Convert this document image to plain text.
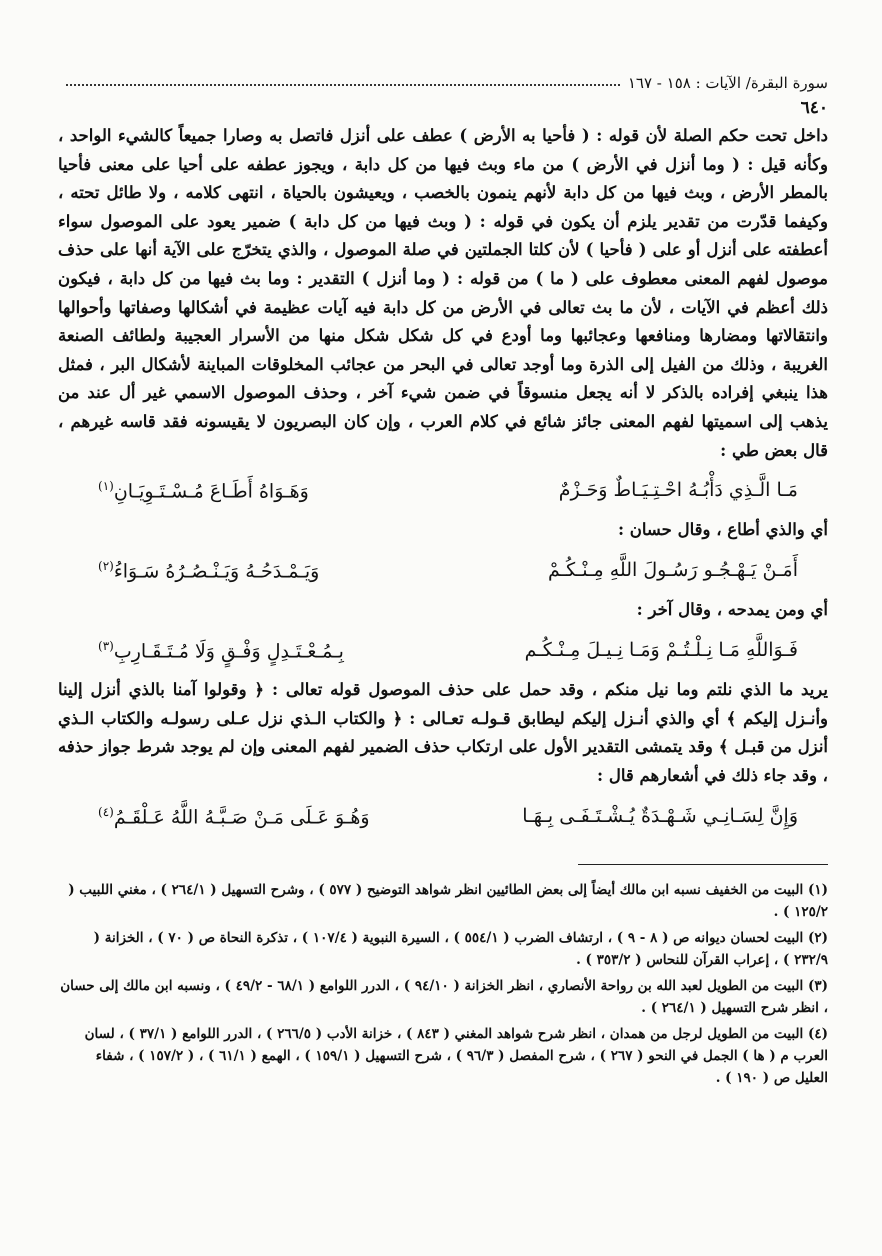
سورة البقرة/ الآيات : ١٥٨ - ١٦٧
٦٤٠

داخل تحت حكم الصلة لأن قوله : ( فأحيا به الأرض ) عطف على أنزل فاتصل به وصارا جميعاً كالشيء الواحد ، وكأنه قيل : ( وما أنزل في الأرض ) من ماء وبث فيها من كل دابة ، ويجوز عطفه على أحيا على معنى فأحيا بالمطر الأرض ، وبث فيها من كل دابة لأنهم ينمون بالخصب ، ويعيشون بالحياة ، انتهى كلامه ، ولا طائل تحته ، وكيفما قدّرت من تقدير يلزم أن يكون في قوله : ( وبث فيها من كل دابة ) ضمير يعود على الموصول سواء أعطفته على أنزل أو على ( فأحيا ) لأن كلتا الجملتين في صلة الموصول ، والذي يتخرّج على الآية أنها على حذف موصول لفهم المعنى معطوف على ( ما ) من قوله : ( وما أنزل ) التقدير : وما بث فيها من كل دابة ، فيكون ذلك أعظم في الآيات ، لأن ما بث تعالى في الأرض من كل دابة فيه آيات عظيمة في أشكالها وصفاتها وأحوالها وانتقالاتها ومضارها ومنافعها وعجائبها وما أودع في كل شكل شكل منها من الأسرار العجيبة ولطائف الصنعة الغريبة ، وذلك من الفيل إلى الذرة وما أوجد تعالى في البحر من عجائب المخلوقات المباينة لأشكال البر ، فمثل هذا ينبغي إفراده بالذكر لا أنه يجعل منسوقاً في ضمن شيء آخر ، وحذف الموصول الاسمي غير أل عند من يذهب إلى اسميتها لفهم المعنى جائز شائع في كلام العرب ، وإن كان البصريون لا يقيسونه فقد قاسه غيرهم ، قال بعض طي :

مَـا الَّـذِي دَأْبُـهُ احْـتِـيَـاطٌ وَحَـزْمٌ
وَهَـوَاهُ أَطَـاعَ مُـسْـتَـوِيَـانِ$^{(١)}$

أي والذي أطاع ، وقال حسان :

أَمَـنْ يَـهْـجُـو رَسُـولَ اللَّهِ مِـنْـكُـمْ
وَيَـمْـدَحُـهُ وَيَـنْـصُـرُهُ سَـوَاءُ$^{(٢)}$

أي ومن يمدحه ، وقال آخر :

فَـوَاللَّهِ مَـا نِـلْـتُـمْ وَمَـا نِـيـلَ مِـنْـكُـم
بِـمُـعْـتَـدِلٍ وَفْـقٍ وَلَا مُـتَـقَـارِبِ$^{(٣)}$

يريد ما الذي نلتم وما نيل منكم ، وقد حمل على حذف الموصول قوله تعالى : ﴿ وقولوا آمنا بالذي أنزل إلينا وأنـزل إليكم ﴾ أي والذي أنـزل إليكم ليطابق قـولـه تعـالى : ﴿ والكتاب الـذي نزل عـلى رسولـه والكتاب الـذي أنزل من قبـل ﴾ وقد يتمشى التقدير الأول على ارتكاب حذف الضمير لفهم المعنى وإن لم يوجد شرط جواز حذفه ، وقد جاء ذلك في أشعارهم قال :

وَإِنَّ لِسَـانِـي شَـهْـدَةٌ يُـشْـتَـفَـى بِـهَـا
وَهُـوَ عَـلَى مَـنْ صَـبَّـهُ اللَّهُ عَـلْقَـمُ$^{(٤)}$
(١) البيت من الخفيف نسبه ابن مالك أيضاً إلى بعض الطائيين انظر شواهد التوضيح ( ٥٧٧ ) ، وشرح التسهيل ( ٢٦٤/١ ) ، مغني اللبيب ( ١٢٥/٢ ) .
(٢) البيت لحسان ديوانه ص ( ٨ - ٩ ) ، ارتشاف الضرب ( ٥٥٤/١ ) ، السيرة النبوية ( ١٠٧/٤ ) ، تذكرة النحاة ص ( ٧٠ ) ، الخزانة ( ٢٣٢/٩ ) ، إعراب القرآن للنحاس ( ٣٥٣/٢ ) .
(٣) البيت من الطويل لعبد الله بن رواحة الأنصاري ، انظر الخزانة ( ٩٤/١٠ ) ، الدرر اللوامع ( ٦٨/١ - ٤٩/٢ ) ، ونسبه ابن مالك إلى حسان ، انظر شرح التسهيل ( ٢٦٤/١ ) .
(٤) البيت من الطويل لرجل من همدان ، انظر شرح شواهد المغني ( ٨٤٣ ) ، خزانة الأدب ( ٢٦٦/٥ ) ، الدرر اللوامع ( ٣٧/١ ) ، لسان العرب م ( ها ) الجمل في النحو ( ٢٦٧ ) ، شرح المفصل ( ٩٦/٣ ) ، شرح التسهيل ( ١٥٩/١ ) ، الهمع ( ٦١/١ ) ، ( ١٥٧/٢ ) ، شفاء العليل ص ( ١٩٠ ) .
